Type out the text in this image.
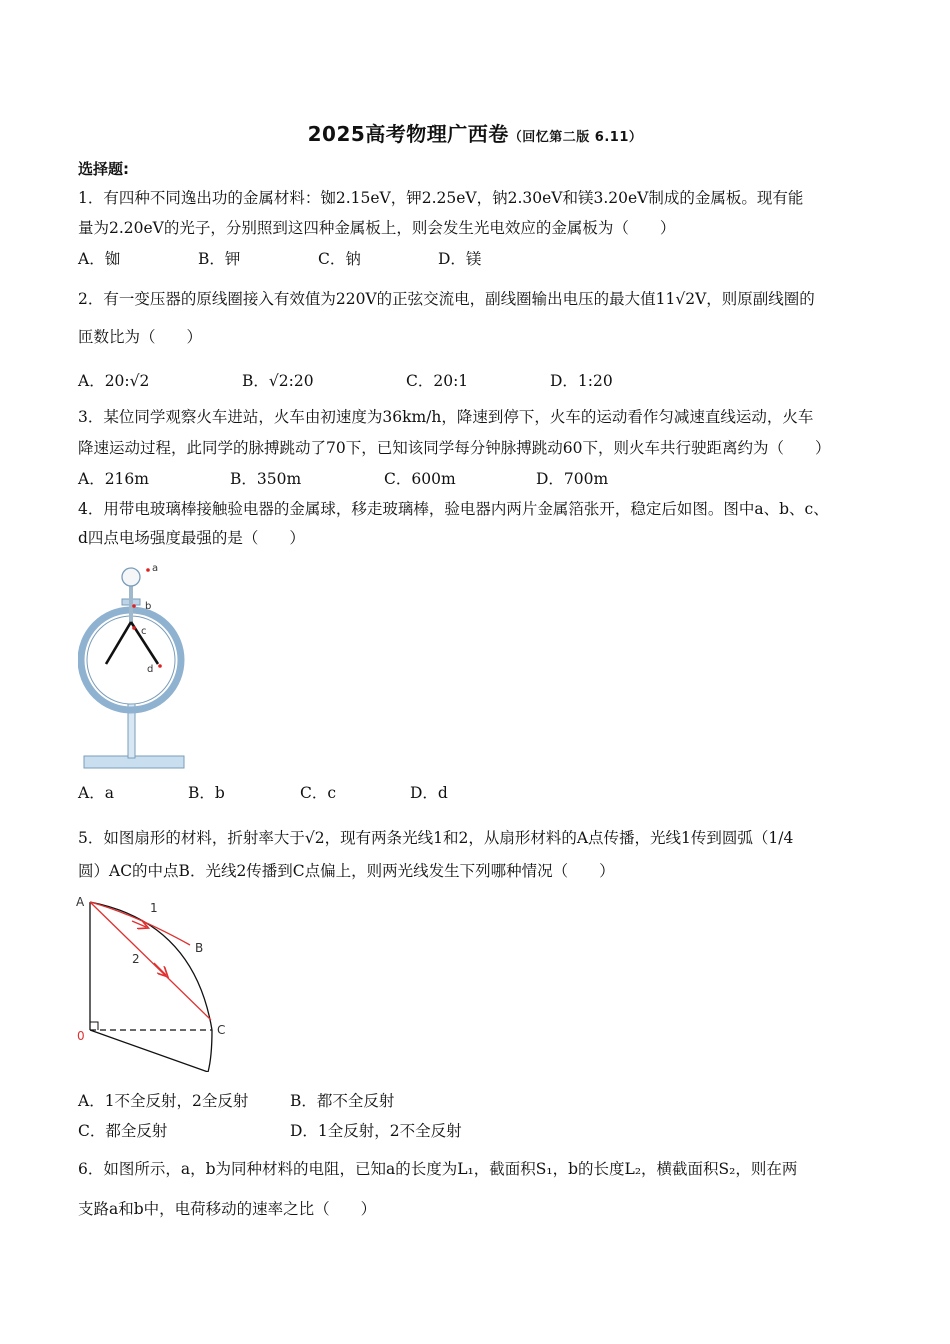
2025高考物理广西卷（回忆第二版 6.11）
选择题:
1．有四种不同逸出功的金属材料：铷2.15eV，钾2.25eV，钠2.30eV和镁3.20eV制成的金属板。现有能
量为2.20eV的光子，分别照到这四种金属板上，则会发生光电效应的金属板为（　　）
A．铷	B．钾	C．钠	D．镁
2．有一变压器的原线圈接入有效值为220V的正弦交流电，副线圈输出电压的最大值11√2V，则原副线圈的
匝数比为（　　）
A．20:√2	B．√2:20	C．20:1	D．1:20
3．某位同学观察火车进站，火车由初速度为36km/h，降速到停下，火车的运动看作匀减速直线运动，火车
降速运动过程，此同学的脉搏跳动了70下，已知该同学每分钟脉搏跳动60下，则火车共行驶距离约为（　　）
A．216m	B．350m	C．600m	D．700m
4．用带电玻璃棒接触验电器的金属球，移走玻璃棒，验电器内两片金属箔张开，稳定后如图。图中a、b、c、
d四点电场强度最强的是（　　）
a
b
c
d
A．a	B．b	C．c	D．d
5．如图扇形的材料，折射率大于√2，现有两条光线1和2，从扇形材料的A点传播，光线1传到圆弧（1/4
圆）AC的中点B．光线2传播到C点偏上，则两光线发生下列哪种情况（　　）
A	1
B
2
C
0
A．1不全反射，2全反射	B．都不全反射
C．都全反射	D．1全反射，2不全反射
6．如图所示，a，b为同种材料的电阻，已知a的长度为L₁，截面积S₁，b的长度L₂，横截面积S₂，则在两
支路a和b中，电荷移动的速率之比（　　）
